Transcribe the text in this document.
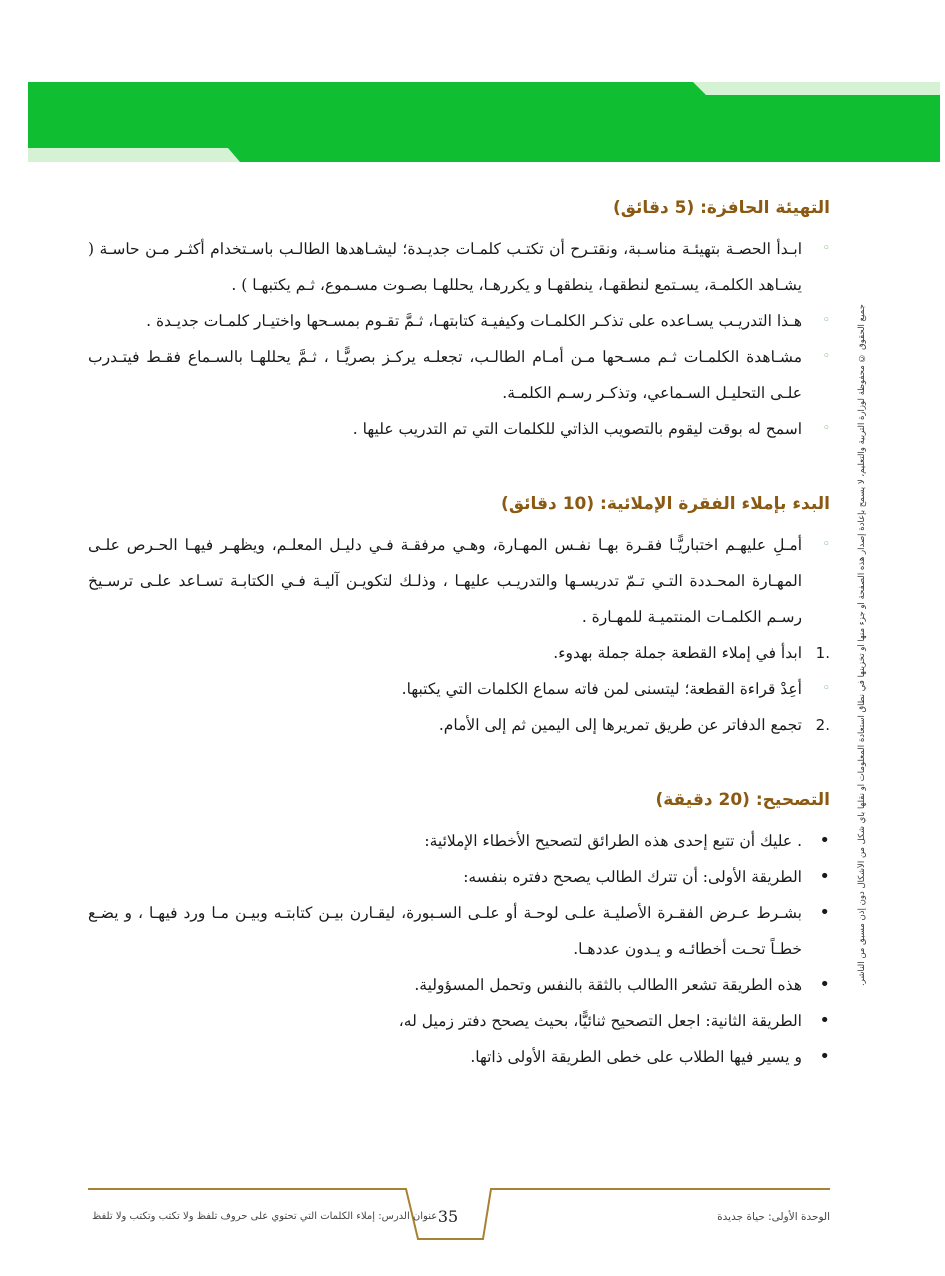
جميع الحقوق © محفوظة لوزارة التربية والتعليم، لا يسمح بإعادة إصدار هذه الصفحة أو جزء منها أو تخزينها في نطاق استعادة المعلومات أو نقلها بأي شكل من الأشكال دون إذن مسبق من الناشر.
التهيئة الحافزة: (5 دقائق)
◦
ابـدأ الحصـة بتهيئـة مناسـبة، ونقتـرح أن تكتـب كلمـات جديـدة؛ ليشـاهدها الطالـب باسـتخدام أكثـر مـن حاسـة ( يشـاهد الكلمـة، يسـتمع لنطقهـا، ينطقهـا و يكررهـا، يحللهـا بصـوت مسـموع، ثـم يكتبهـا ) .
◦
هـذا التدريـب يسـاعده على تذكـر الكلمـات وكيفيـة كتابتهـا، ثـمَّ تقـوم بمسـحها واختيـار كلمـات جديـدة .
◦
مشـاهدة الكلمـات ثـم مسـحها مـن أمـام الطالـب، تجعلـه يركـز بصريًّـا ، ثـمَّ يحللهـا بالسـماع فقـط فيتـدرب علـى التحليـل السـماعي، وتذكـر رسـم الكلمـة.
◦
اسمح له بوقت ليقوم بالتصويب الذاتي للكلمات التي تم التدريب عليها .
البدء بإملاء الفقرة الإملائية: (10 دقائق)
◦
أمـلِ عليهـم اختباريًّـا فقـرة بهـا نفـس المهـارة، وهـي مرفقـة فـي دليـل المعلـم، ويظهـر فيهـا الحـرص علـى المهـارة المحـددة التـي تـمّ تدريسـها والتدريـب عليهـا ، وذلـك لتكويـن آليـة فـي الكتابـة تسـاعد علـى ترسـيخ رسـم الكلمـات المنتميـة للمهـارة .
.1
ابدأ في إملاء القطعة جملة جملة بهدوء.
◦
أعِدْ قراءة القطعة؛ ليتسنى لمن فاته سماع الكلمات التي يكتبها.
.2
تجمع الدفاتر عن طريق تمريرها إلى اليمين ثم إلى الأمام.
التصحيح: (20 دقيقة)
•
. عليك أن تتبع إحدى هذه الطرائق لتصحيح الأخطاء الإملائية:
•
الطريقة الأولى: أن تترك الطالب يصحح دفتره بنفسه:
•
بشـرط عـرض الفقـرة الأصليـة علـى لوحـة أو علـى السـبورة، ليقـارن بيـن كتابتـه وبيـن مـا ورد فيهـا ، و يضـع خطـاً تحـت أخطائـه و يـدون عددهـا.
•
هذه الطريقة تشعر االطالب بالثقة بالنفس وتحمل المسؤولية.
•
الطريقة الثانية: اجعل التصحيح ثنائيًّا، بحيث يصحح دفتر زميل له،
•
و يسير فيها الطلاب على خطى الطريقة الأولى ذاتها.
عنوان الدرس: إملاء الكلمات التي تحتوي على حروف تلفظ ولا تكتب وتكتب ولا تلفظ 35	الوحدة الأولى: حياة جديدة
